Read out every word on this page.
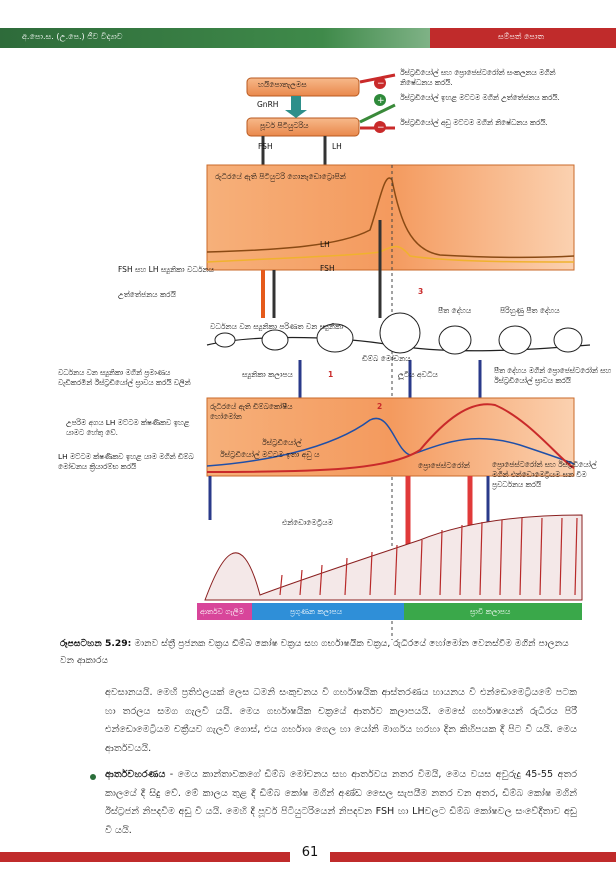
අ.පො.ස. (උ.පෙ.) ජීව විද්‍යාව	සම්පත් පොත
−
+
−
හයිපොතැලමස
GnRH
පූර්ව පිටියුටරිය
FSH	LH
ඊස්ට්‍රඩියෝල් සහ ප්‍රොජෙස්ටරෝන් සංකලනය මගින් නිෂේධනය කරයි.
ඊස්ට්‍රඩියෝල් ඉහළ මට්ටම මගින් උත්තේජනය කරයි.
ඊස්ට්‍රඩියෝල් අඩු මට්ටම මගින් නිෂේධනය කරයි.
රුධිරයේ ඇති පිටියුටරි ගොනැඩොට්‍රොපින්
LH
FSH
FSH සහ LH ස්‍යූනිකා වර්ධනය
උත්තේජනය කරයි	3
වර්ධනය වන ස්‍යූනිකා පරිණත වන ස්‍යූනිකා
පීත දේහය	පිරිහුණු පීත දේහය
ඩිම්බ මෝචනය
ස්‍යූනිකා කලාපය	1	ලූටීය අවධිය
වර්ධනය වන ස්‍යූනිකා මගින් ප්‍රමාණය වැඩිකරමින් ඊස්ට්‍රඩියෝල් ස්‍රාවය කරයි වලින්
උපරිම අගය LH මට්ටම ක්ෂණිකව ඉහළ යාමට හේතු වේ.
LH මට්ටම ක්ෂණිකව ඉහළ යාම මගින් ඩිම්බ මෝචනය ක්‍රියාරම්භ කරයි
රුධිරයේ ඇති ඩිම්බකෝෂීය හෝමෝන
ඊස්ට්‍රඩියෝල්
ප්‍රොජෙස්ටරෝන්
2
පීත දේහය මගින් ප්‍රොජෙස්ටරෝන් සහ ඊස්ට්‍රඩියෝල් ස්‍රාවය කරයි
ප්‍රොජෙස්ටරෝන් සහ ඊස්ට්‍රඩියෝල් මගින් එන්ඩොමෙට්‍රියම සන වීම ප්‍රවර්ධනය කරයි
ඊස්ට්‍රඩියෝල් මට්ටම ඉතා අඩු ය
එන්ඩොමෙට්‍රියම
ආර්තව ගැලීම	ප්‍රගුණන කලාපය	ස්‍රාවී කලාපය
රූපසටහන 5.29: මානව ස්ත්‍රී ප්‍රජනක චක්‍රය ඩිම්බ කෝෂ චක්‍රය සහ ගර්භාෂයික චක්‍රය, රුධිරයේ හෝමෝන වෙනස්වීම මගින් පාලනය වන ආකාරය
අවසානයයි. මෙහි ප්‍රතිඵලයක් ලෙස ධමනි සංකුචනය වී ගර්භාෂයික ආස්තරණය හායනය වී එන්ඩොමෙට්‍රියමේ පටක හා තරලය සමග ගැලවී යයි. මෙය ගර්භාෂයික චක්‍රයේ ආර්තව කලාපයයි. මෙසේ ගර්භාෂයෙන් රුධිරය පිරී එන්ඩොමෙට්‍රියම චක්‍රීයව ගැලවී ගොස්, එය ගර්භාශ ගෙල හා යෝනි මාර්ගය හරහා දින කිහිපයක දී පිට වී යයි. මෙය ආර්තවයයි.
ආර්තවහරණය - මෙය කාන්තාවකගේ ඩිම්බ මෝචනය සහ ආර්තවය නතර වීමයි, මෙය වයස අවුරුදු 45-55 අතර කාලයේ දී සිදු වේ. මේ කාලය තුළ දී ඩිම්බ කෝෂ මගින් අණ්ඩ සෛල සැපයීම නතර වන අතර, ඩිම්බ කෝෂ මගින් ඊස්ට්‍රජන් නිපදවීම අඩු වී යයි. මෙහි දී පූර්ව පිටියුටරියෙන් නිපදවන FSH හා LHවලට ඩිම්බ කෝෂවල සංවේදීතාව අඩු වී යයි.
61
